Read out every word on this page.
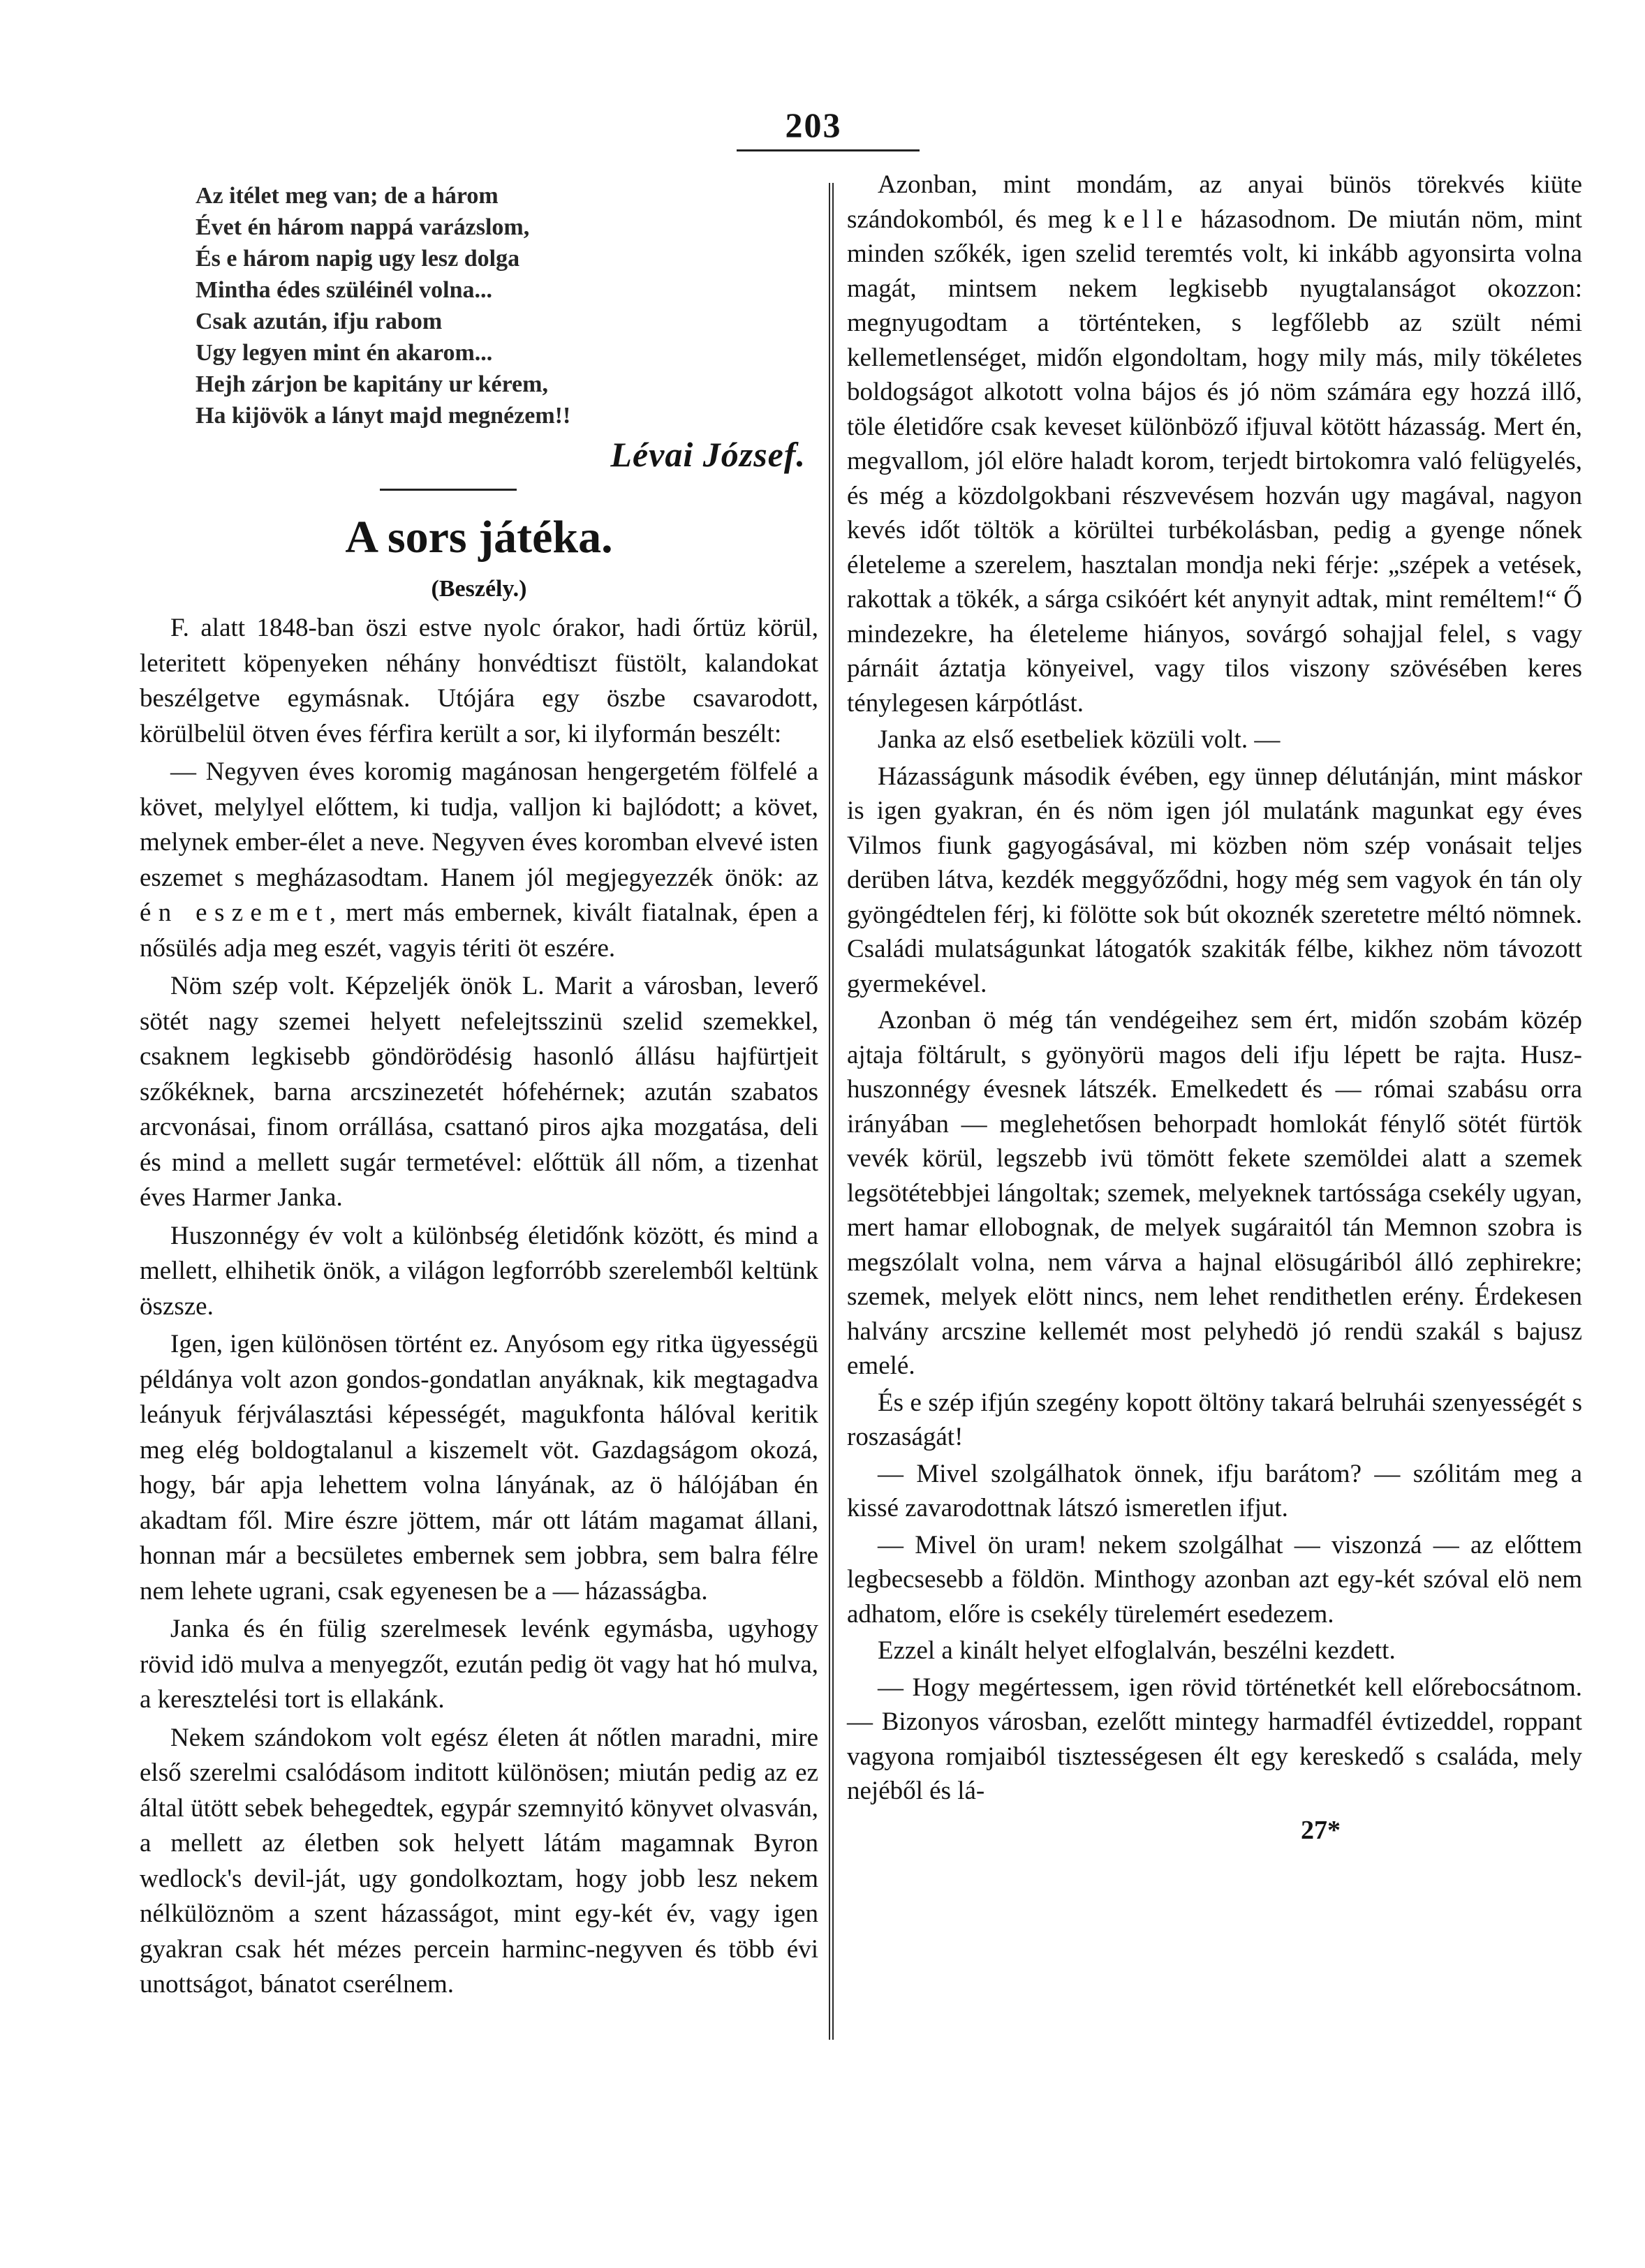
203
Az itélet meg van; de a három
Évet én három nappá varázslom,
És e három napig ugy lesz dolga
Mintha édes szüléinél volna...
Csak azután, ifju rabom
Ugy legyen mint én akarom...
Hejh zárjon be kapitány ur kérem,
Ha kijövök a lányt majd megnézem!!
Lévai József.
A sors játéka.
(Beszély.)

F. alatt 1848-ban öszi estve nyolc órakor, hadi őrtüz körül, leteritett köpenyeken néhány honvédtiszt füstölt, kalandokat beszélgetve egymásnak. Utójára egy öszbe csavarodott, körülbelül ötven éves férfira került a sor, ki ilyformán beszélt:

— Negyven éves koromig magánosan hengergetém fölfelé a követ, melylyel előttem, ki tudja, valljon ki bajlódott; a követ, melynek ember-élet a neve. Negyven éves koromban elvevé isten eszemet s megházasodtam. Hanem jól megjegyezzék önök: az én eszemet, mert más embernek, kivált fiatalnak, épen a nősülés adja meg eszét, vagyis tériti öt eszére.

Nöm szép volt. Képzeljék önök L. Marit a városban, leverő sötét nagy szemei helyett nefelejtsszinü szelid szemekkel, csaknem legkisebb göndörödésig hasonló állásu hajfürtjeit szőkéknek, barna arcszinezetét hófehérnek; azután szabatos arcvonásai, finom orrállása, csattanó piros ajka mozgatása, deli és mind a mellett sugár termetével: előttük áll nőm, a tizenhat éves Harmer Janka.

Huszonnégy év volt a különbség életidőnk között, és mind a mellett, elhihetik önök, a világon legforróbb szerelemből keltünk öszsze.

Igen, igen különösen történt ez. Anyósom egy ritka ügyességü példánya volt azon gondos-gondatlan anyáknak, kik megtagadva leányuk férjválasztási képességét, magukfonta hálóval keritik meg elég boldogtalanul a kiszemelt vöt. Gazdagságom okozá, hogy, bár apja lehettem volna lányának, az ö hálójában én akadtam fől. Mire észre jöttem, már ott látám magamat állani, honnan már a becsületes embernek sem jobbra, sem balra félre nem lehete ugrani, csak egyenesen be a — házasságba.

Janka és én fülig szerelmesek levénk egymásba, ugyhogy rövid idö mulva a menyegzőt, ezután pedig öt vagy hat hó mulva, a keresztelési tort is ellakánk.

Nekem szándokom volt egész életen át nőtlen maradni, mire első szerelmi csalódásom inditott különösen; miután pedig az ez által ütött sebek behegedtek, egypár szemnyitó könyvet olvasván, a mellett az életben sok helyett látám magamnak Byron wedlock's devil-ját, ugy gondolkoztam, hogy jobb lesz nekem nélkülöznöm a szent házasságot, mint egy-két év, vagy igen gyakran csak hét mézes percein harminc-negyven és több évi unottságot, bánatot cserélnem.

Azonban, mint mondám, az anyai bünös törekvés kiüte szándokomból, és meg kelle házasodnom. De miután nöm, mint minden szőkék, igen szelid teremtés volt, ki inkább agyonsirta volna magát, mintsem nekem legkisebb nyugtalanságot okozzon: megnyugodtam a történteken, s legfőlebb az szült némi kellemetlenséget, midőn elgondoltam, hogy mily más, mily tökéletes boldogságot alkotott volna bájos és jó nöm számára egy hozzá illő, töle életidőre csak keveset különböző ifjuval kötött házasság. Mert én, megvallom, jól elöre haladt korom, terjedt birtokomra való felügyelés, és még a közdolgokbani részvevésem hozván ugy magával, nagyon kevés időt töltök a körültei turbékolásban, pedig a gyenge nőnek életeleme a szerelem, hasztalan mondja neki férje: „szépek a vetések, rakottak a tökék, a sárga csikóért két anynyit adtak, mint reméltem!“ Ő mindezekre, ha életeleme hiányos, sovárgó sohajjal felel, s vagy párnáit áztatja könyeivel, vagy tilos viszony szövésében keres ténylegesen kárpótlást.

Janka az első esetbeliek közüli volt. —

Házasságunk második évében, egy ünnep délutánján, mint máskor is igen gyakran, én és nöm igen jól mulatánk magunkat egy éves Vilmos fiunk gagyogásával, mi közben nöm szép vonásait teljes derüben látva, kezdék meggyőződni, hogy még sem vagyok én tán oly gyöngédtelen férj, ki fölötte sok bút okoznék szeretetre méltó nömnek. Családi mulatságunkat látogatók szakiták félbe, kikhez nöm távozott gyermekével.

Azonban ö még tán vendégeihez sem ért, midőn szobám közép ajtaja föltárult, s gyönyörü magos deli ifju lépett be rajta. Husz-huszonnégy évesnek látszék. Emelkedett és — római szabásu orra irányában — meglehetősen behorpadt homlokát fénylő sötét fürtök vevék körül, legszebb ivü tömött fekete szemöldei alatt a szemek legsötétebbjei lángoltak; szemek, melyeknek tartóssága csekély ugyan, mert hamar ellobognak, de melyek sugáraitól tán Memnon szobra is megszólalt volna, nem várva a hajnal elösugáriból álló zephirekre; szemek, melyek elött nincs, nem lehet rendithetlen erény. Érdekesen halvány arcszine kellemét most pelyhedö jó rendü szakál s bajusz emelé.

És e szép ifjún szegény kopott öltöny takará belruhái szenyességét s roszaságát!

— Mivel szolgálhatok önnek, ifju barátom? — szólitám meg a kissé zavarodottnak látszó ismeretlen ifjut.

— Mivel ön uram! nekem szolgálhat — viszonzá — az előttem legbecsesebb a földön. Minthogy azonban azt egy-két szóval elö nem adhatom, előre is csekély türelemért esedezem.

Ezzel a kinált helyet elfoglalván, beszélni kezdett.

— Hogy megértessem, igen rövid történetkét kell előrebocsátnom. — Bizonyos városban, ezelőtt mintegy harmadfél évtizeddel, roppant vagyona romjaiból tisztességesen élt egy kereskedő s családa, mely nejéből és lá-

27*
